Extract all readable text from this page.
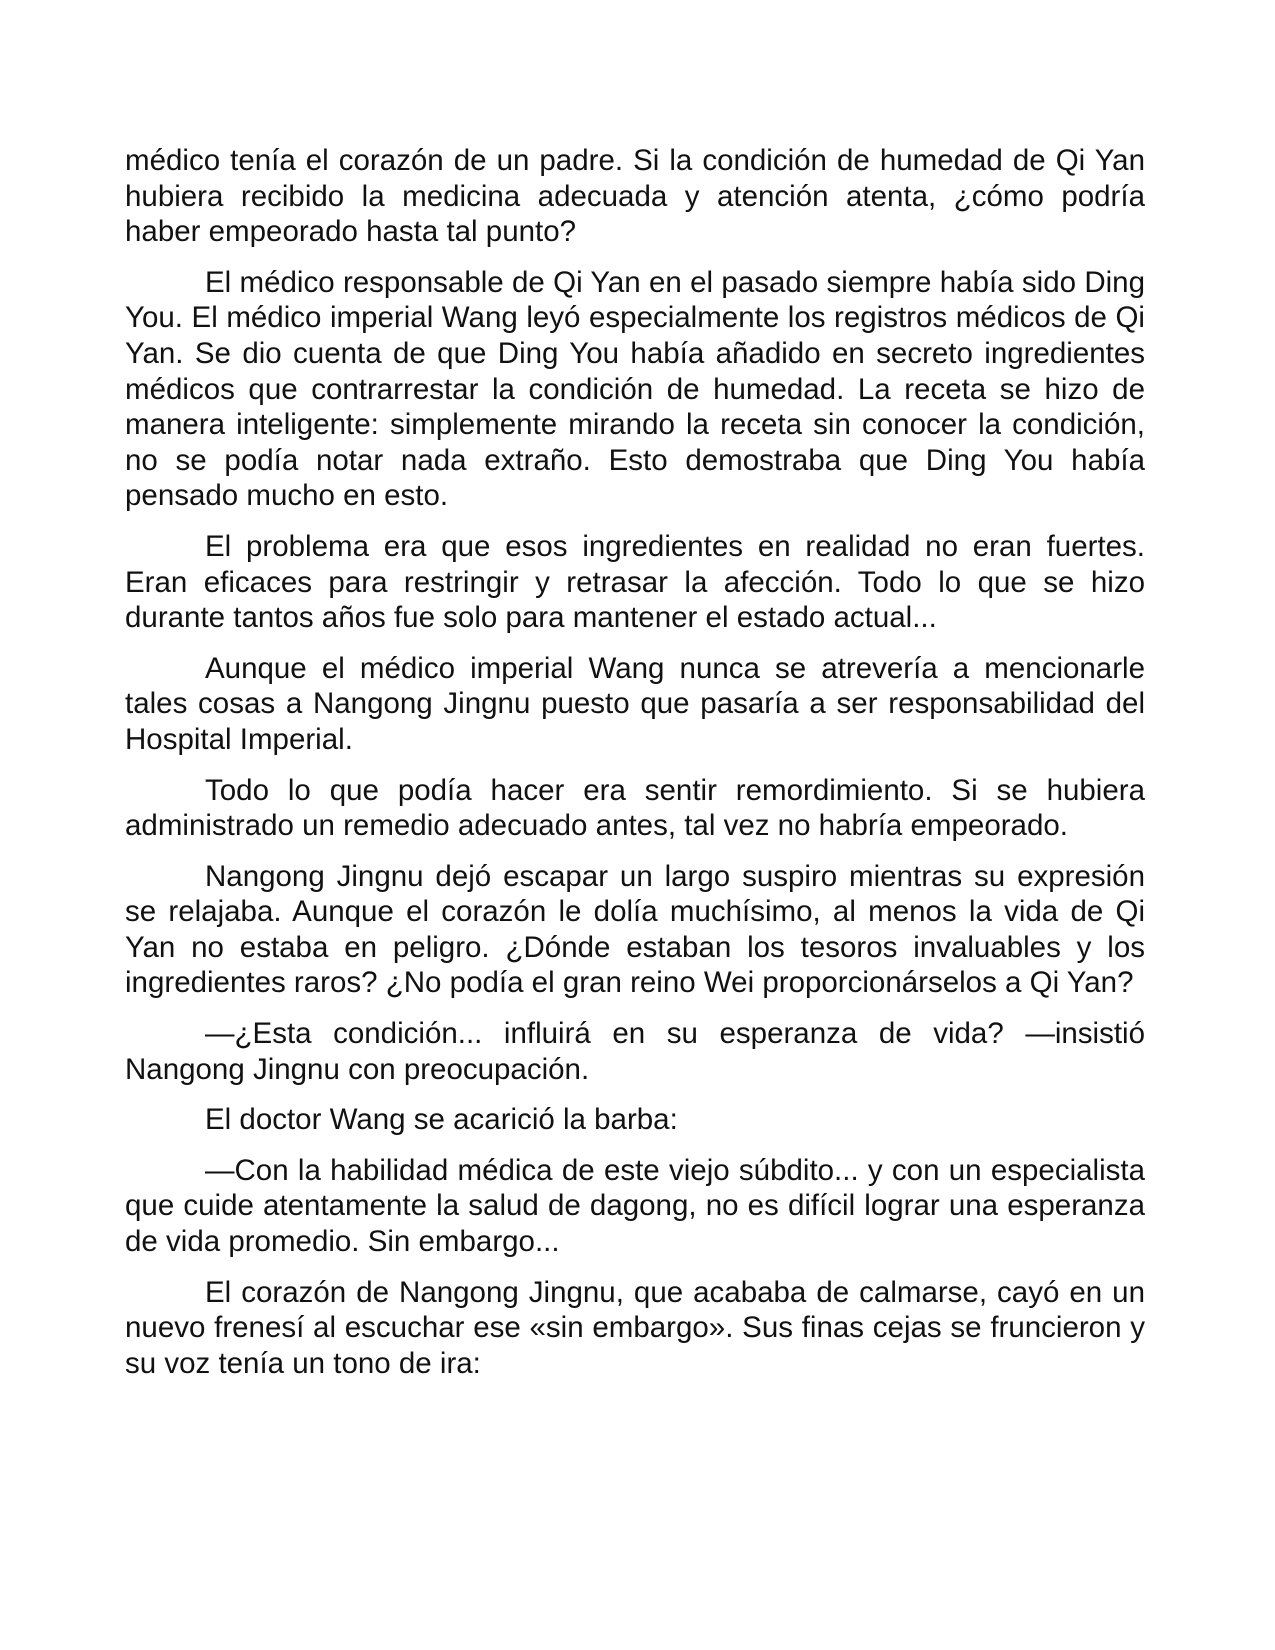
médico tenía el corazón de un padre. Si la condición de humedad de Qi Yan hubiera recibido la medicina adecuada y atención atenta, ¿cómo podría haber empeorado hasta tal punto?

El médico responsable de Qi Yan en el pasado siempre había sido Ding You. El médico imperial Wang leyó especialmente los registros médicos de Qi Yan. Se dio cuenta de que Ding You había añadido en secreto ingredientes médicos que contrarrestar la condición de humedad. La receta se hizo de manera inteligente: simplemente mirando la receta sin conocer la condición, no se podía notar nada extraño. Esto demostraba que Ding You había pensado mucho en esto.

El problema era que esos ingredientes en realidad no eran fuertes. Eran eficaces para restringir y retrasar la afección. Todo lo que se hizo durante tantos años fue solo para mantener el estado actual...

Aunque el médico imperial Wang nunca se atrevería a mencionarle tales cosas a Nangong Jingnu puesto que pasaría a ser responsabilidad del Hospital Imperial.

Todo lo que podía hacer era sentir remordimiento. Si se hubiera administrado un remedio adecuado antes, tal vez no habría empeorado.

Nangong Jingnu dejó escapar un largo suspiro mientras su expresión se relajaba. Aunque el corazón le dolía muchísimo, al menos la vida de Qi Yan no estaba en peligro. ¿Dónde estaban los tesoros invaluables y los ingredientes raros? ¿No podía el gran reino Wei proporcionárselos a Qi Yan?

—¿Esta condición... influirá en su esperanza de vida? —insistió Nangong Jingnu con preocupación.

El doctor Wang se acarició la barba:

—Con la habilidad médica de este viejo súbdito... y con un especialista que cuide atentamente la salud de dagong, no es difícil lograr una esperanza de vida promedio. Sin embargo...

El corazón de Nangong Jingnu, que acababa de calmarse, cayó en un nuevo frenesí al escuchar ese «sin embargo». Sus finas cejas se fruncieron y su voz tenía un tono de ira:
